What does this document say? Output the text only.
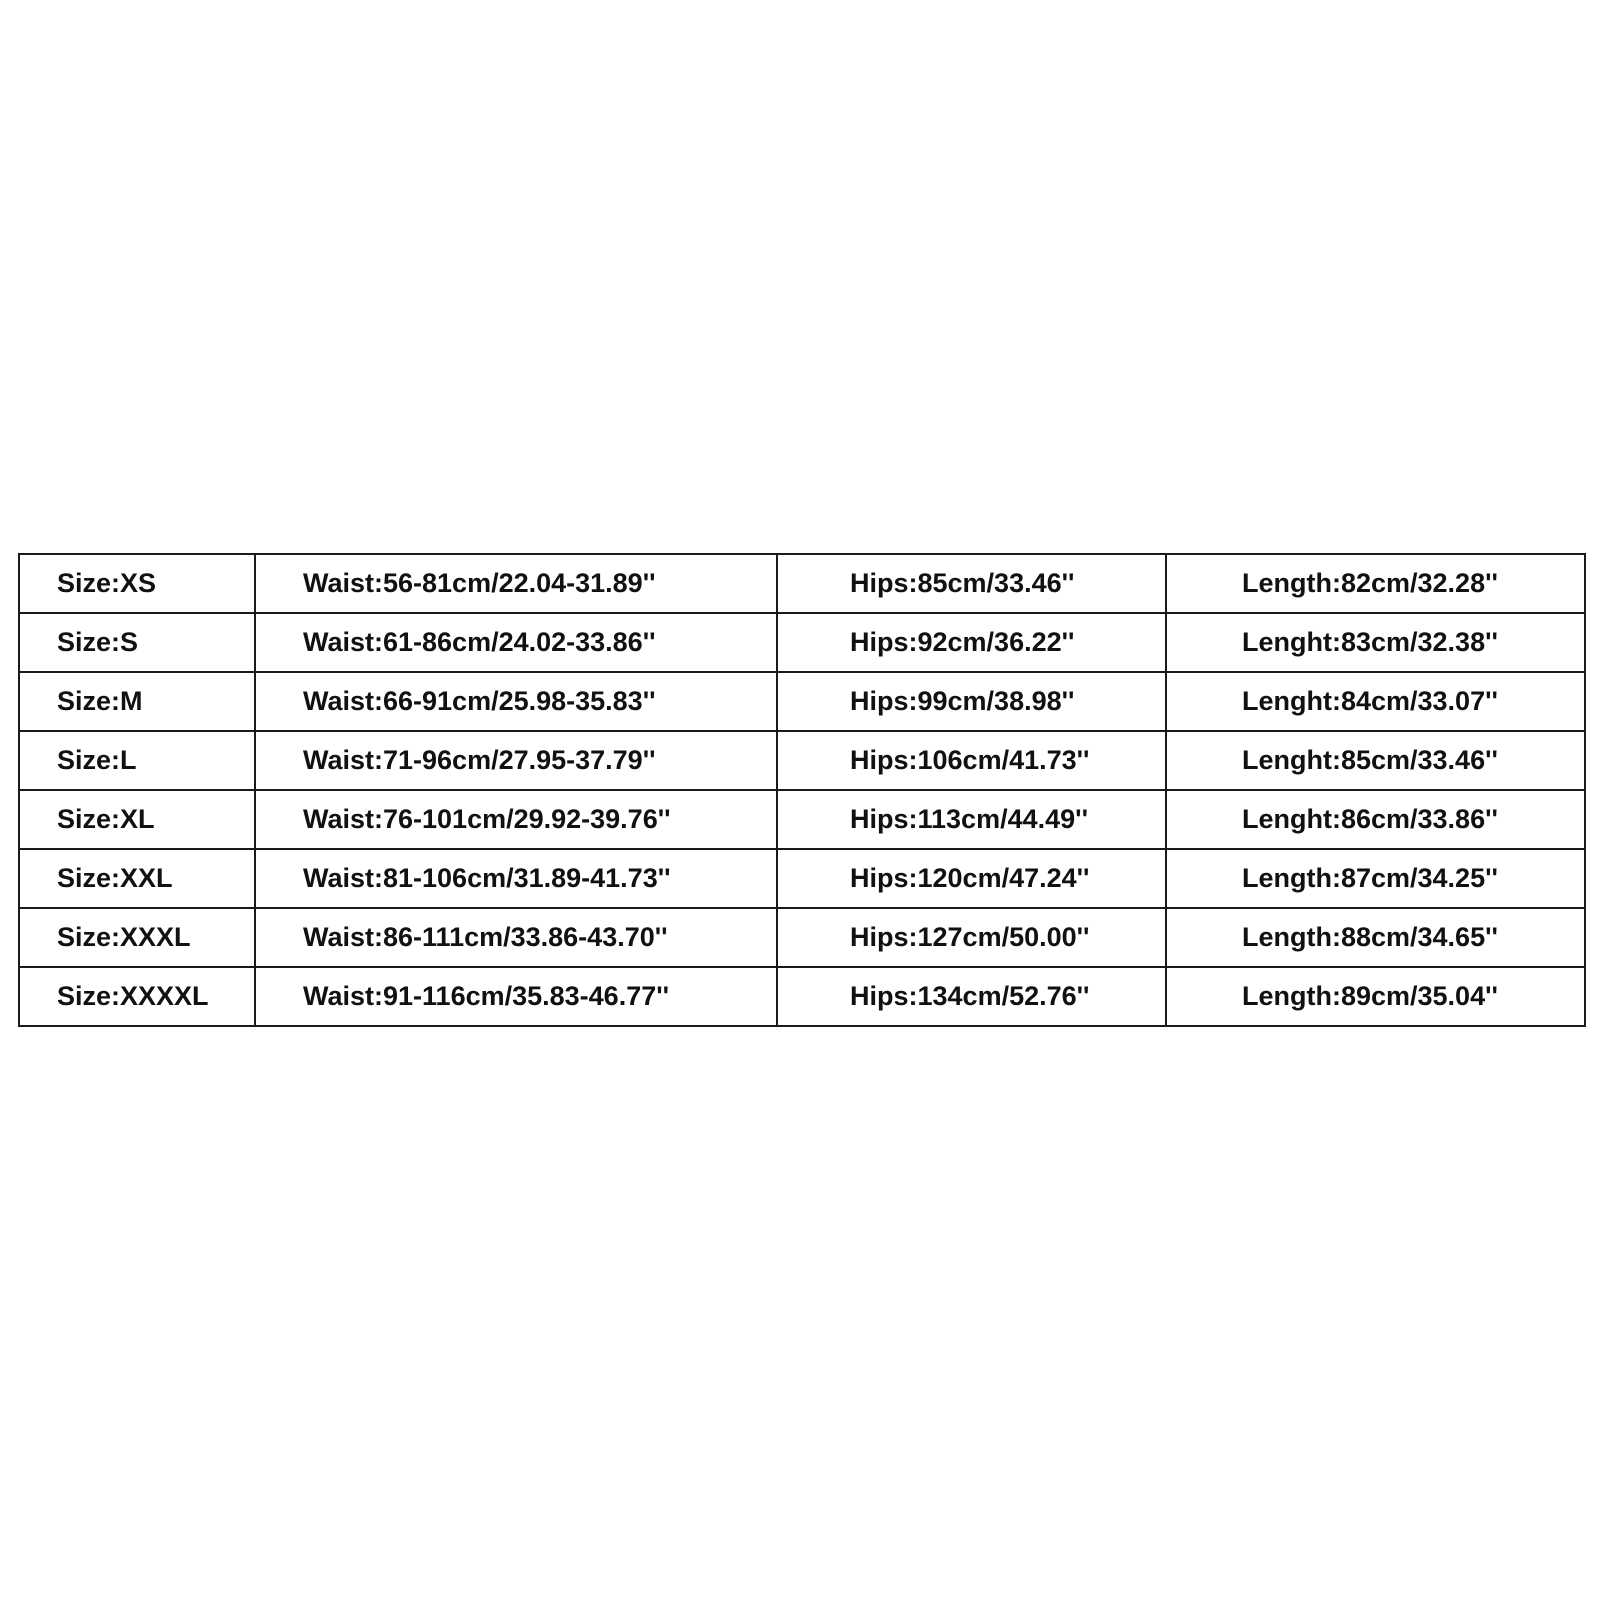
Size:XS	Waist:56-81cm/22.04-31.89''	Hips:85cm/33.46''	Length:82cm/32.28''
Size:S	Waist:61-86cm/24.02-33.86''	Hips:92cm/36.22''	Lenght:83cm/32.38''
Size:M	Waist:66-91cm/25.98-35.83''	Hips:99cm/38.98''	Lenght:84cm/33.07''
Size:L	Waist:71-96cm/27.95-37.79''	Hips:106cm/41.73''	Lenght:85cm/33.46''
Size:XL	Waist:76-101cm/29.92-39.76''	Hips:113cm/44.49''	Lenght:86cm/33.86''
Size:XXL	Waist:81-106cm/31.89-41.73''	Hips:120cm/47.24''	Length:87cm/34.25''
Size:XXXL	Waist:86-111cm/33.86-43.70''	Hips:127cm/50.00''	Length:88cm/34.65''
Size:XXXXL	Waist:91-116cm/35.83-46.77''	Hips:134cm/52.76''	Length:89cm/35.04''
